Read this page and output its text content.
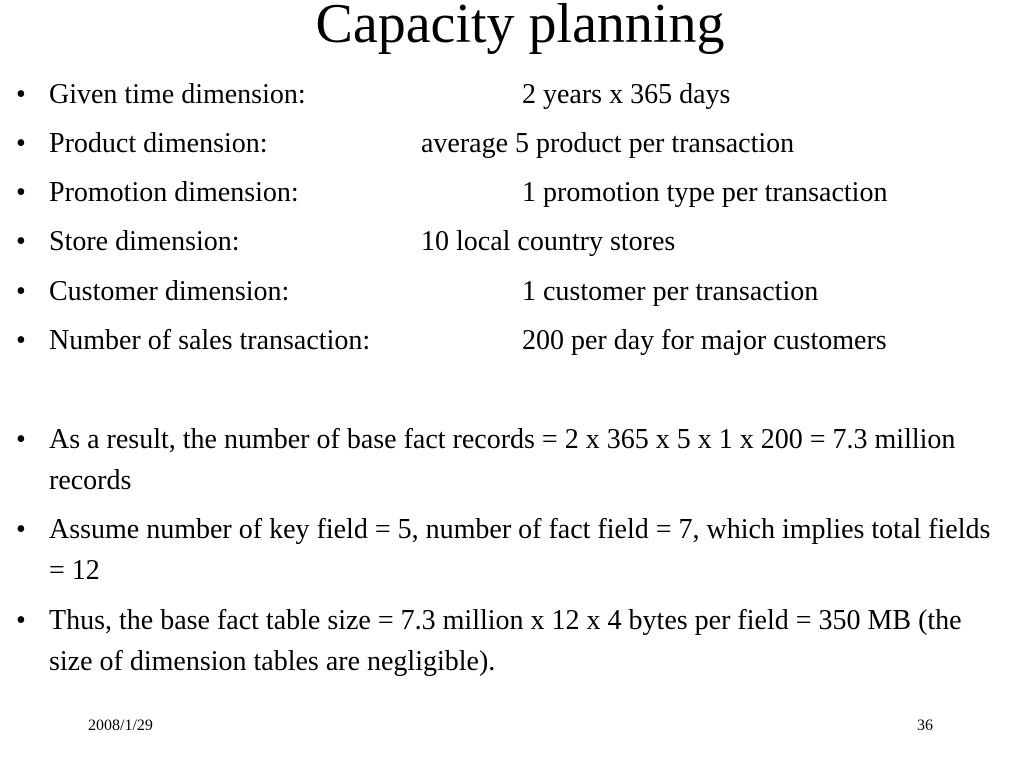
Capacity planning
• Given time dimension:	2 years x 365 days
• Product dimension:	average 5 product per transaction
• Promotion dimension:	1 promotion type per transaction
• Store dimension:	10 local country stores
• Customer dimension:	1 customer per transaction
• Number of sales transaction:	200 per day for major customers
• As a result, the number of base fact records = 2 x 365 x 5 x 1 x 200 = 7.3 million records
• Assume number of key field = 5, number of fact field = 7, which implies total fields = 12
• Thus, the base fact table size = 7.3 million x 12 x 4 bytes per field = 350 MB (the size of dimension tables are negligible).
2008/1/29	36
